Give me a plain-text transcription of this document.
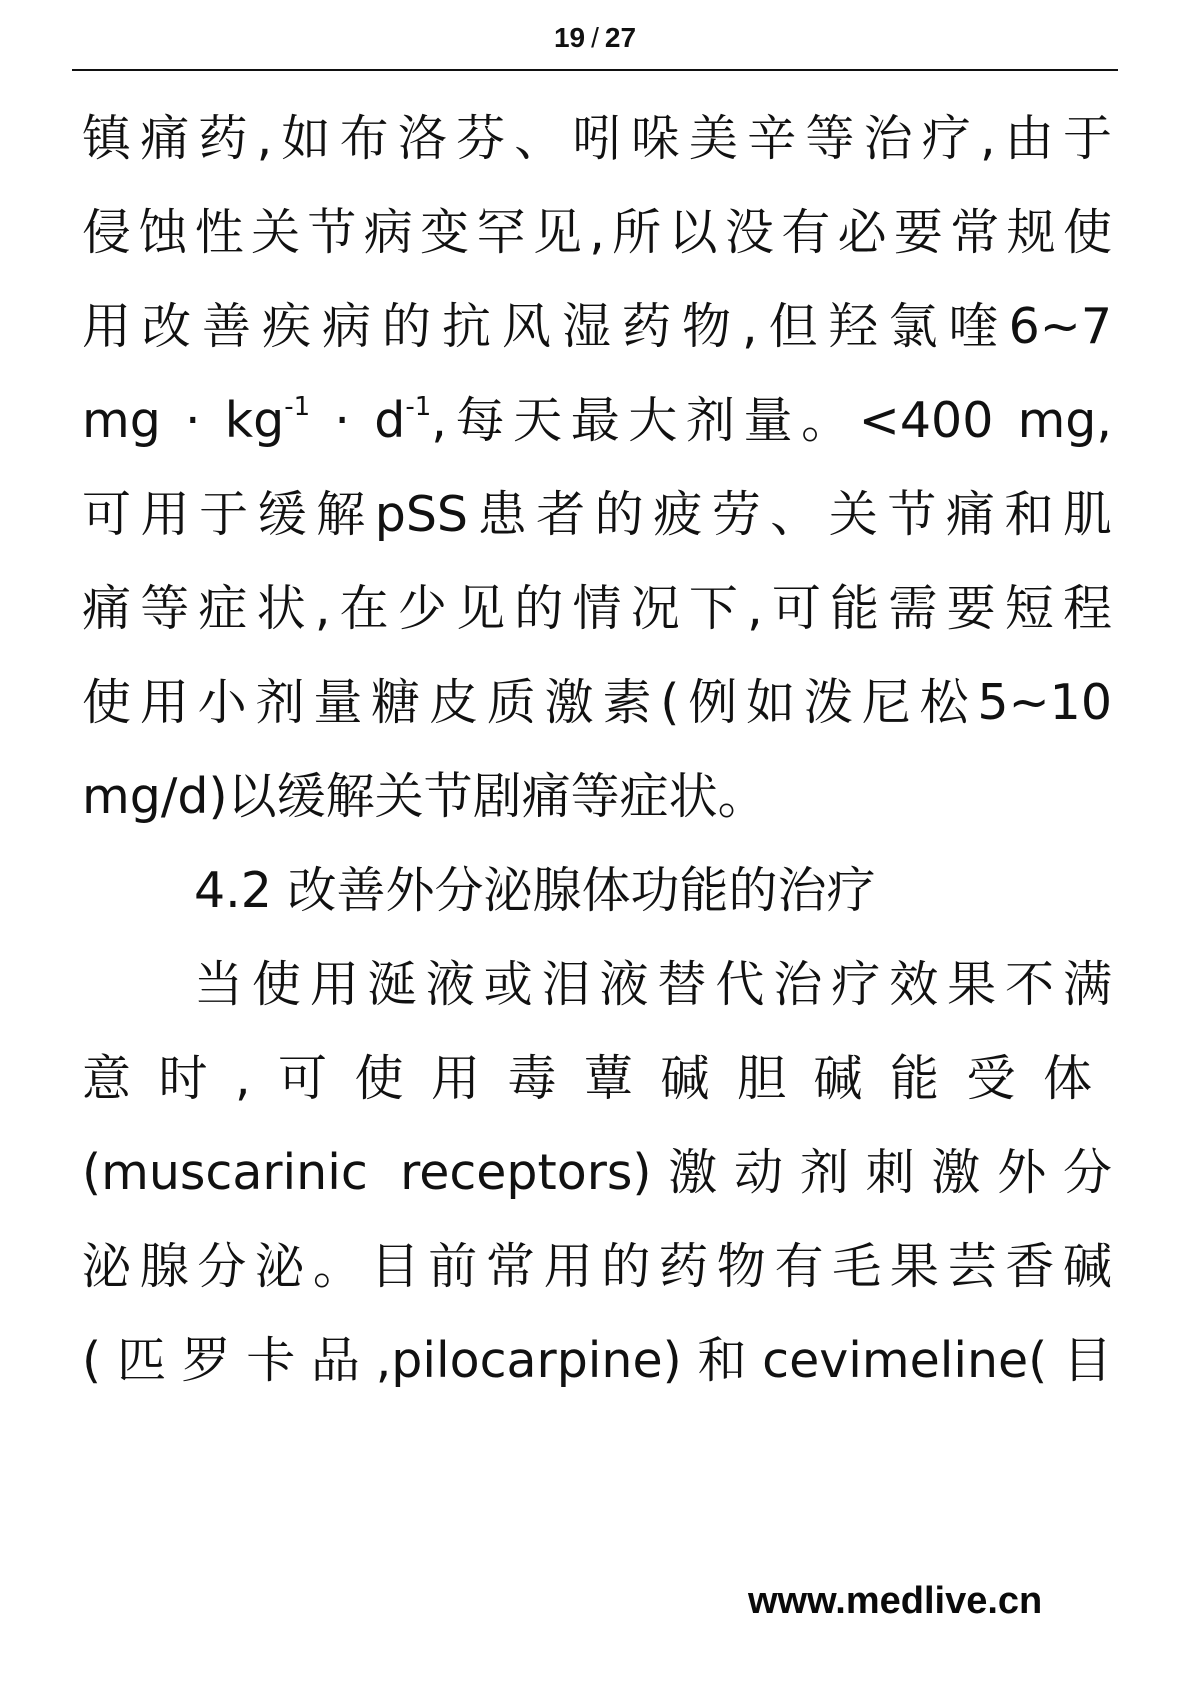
19 / 27
镇痛药,如布洛芬、吲哚美辛等治疗,由于
侵蚀性关节病变罕见,所以没有必要常规使
用改善疾病的抗风湿药物,但羟氯喹6~7
mg · $kg^{-1} \cdot d^{-1}$,每天最大剂量。<400 mg,
可用于缓解pSS患者的疲劳、关节痛和肌
痛等症状,在少见的情况下,可能需要短程
使用小剂量糖皮质激素(例如泼尼松5~10
mg/d)以缓解关节剧痛等症状。
4.2 改善外分泌腺体功能的治疗
当使用涎液或泪液替代治疗效果不满
意时,可使用毒蕈碱胆碱能受体
(muscarinic receptors)激动剂刺激外分
泌腺分泌。目前常用的药物有毛果芸香碱
(匹罗卡品,pilocarpine)和cevimeline(目
www.medlive.cn
